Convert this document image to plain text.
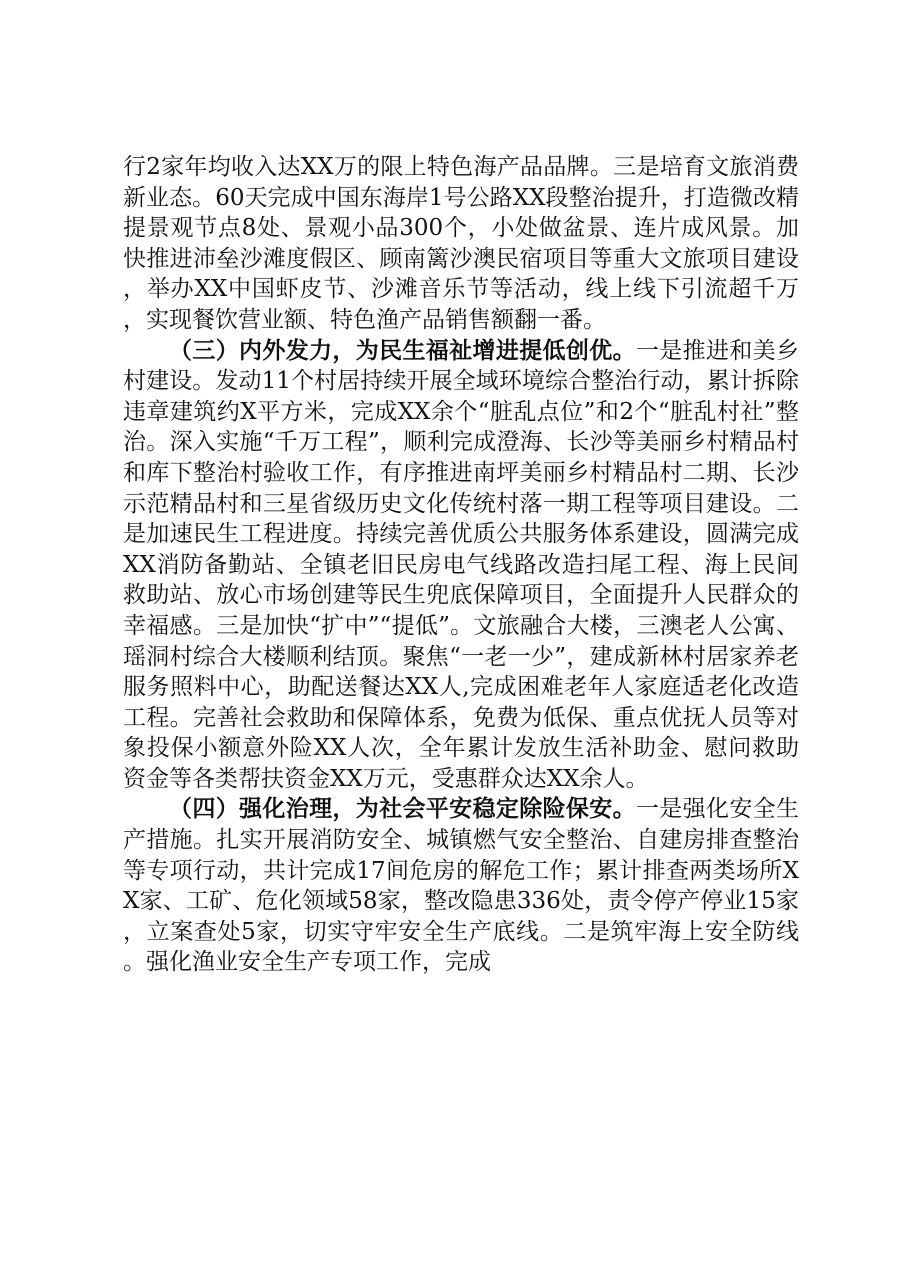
行2家年均收入达XX万的限上特色海产品品牌。三是培育文旅消费新业态。60天完成中国东海岸1号公路XX段整治提升，打造微改精提景观节点8处、景观小品300个，小处做盆景、连片成风景。加快推进沛垒沙滩度假区、顾南篱沙澳民宿项目等重大文旅项目建设，举办XX中国虾皮节、沙滩音乐节等活动，线上线下引流超千万，实现餐饮营业额、特色渔产品销售额翻一番。

（三）内外发力，为民生福祉增进提低创优。一是推进和美乡村建设。发动11个村居持续开展全域环境综合整治行动，累计拆除违章建筑约X平方米，完成XX余个“脏乱点位”和2个“脏乱村社”整治。深入实施“千万工程”，顺利完成澄海、长沙等美丽乡村精品村和库下整治村验收工作，有序推进南坪美丽乡村精品村二期、长沙示范精品村和三星省级历史文化传统村落一期工程等项目建设。二是加速民生工程进度。持续完善优质公共服务体系建设，圆满完成XX消防备勤站、全镇老旧民房电气线路改造扫尾工程、海上民间救助站、放心市场创建等民生兜底保障项目，全面提升人民群众的幸福感。三是加快“扩中”“提低”。文旅融合大楼，三澳老人公寓、瑶洞村综合大楼顺利结顶。聚焦“一老一少”，建成新林村居家养老服务照料中心，助配送餐达XX人,完成困难老年人家庭适老化改造工程。完善社会救助和保障体系，免费为低保、重点优抚人员等对象投保小额意外险XX人次，全年累计发放生活补助金、慰问救助资金等各类帮扶资金XX万元，受惠群众达XX余人。

（四）强化治理，为社会平安稳定除险保安。一是强化安全生产措施。扎实开展消防安全、城镇燃气安全整治、自建房排查整治等专项行动，共计完成17间危房的解危工作；累计排查两类场所XX家、工矿、危化领域58家，整改隐患336处，责令停产停业15家，立案查处5家，切实守牢安全生产底线。二是筑牢海上安全防线。强化渔业安全生产专项工作，完成
